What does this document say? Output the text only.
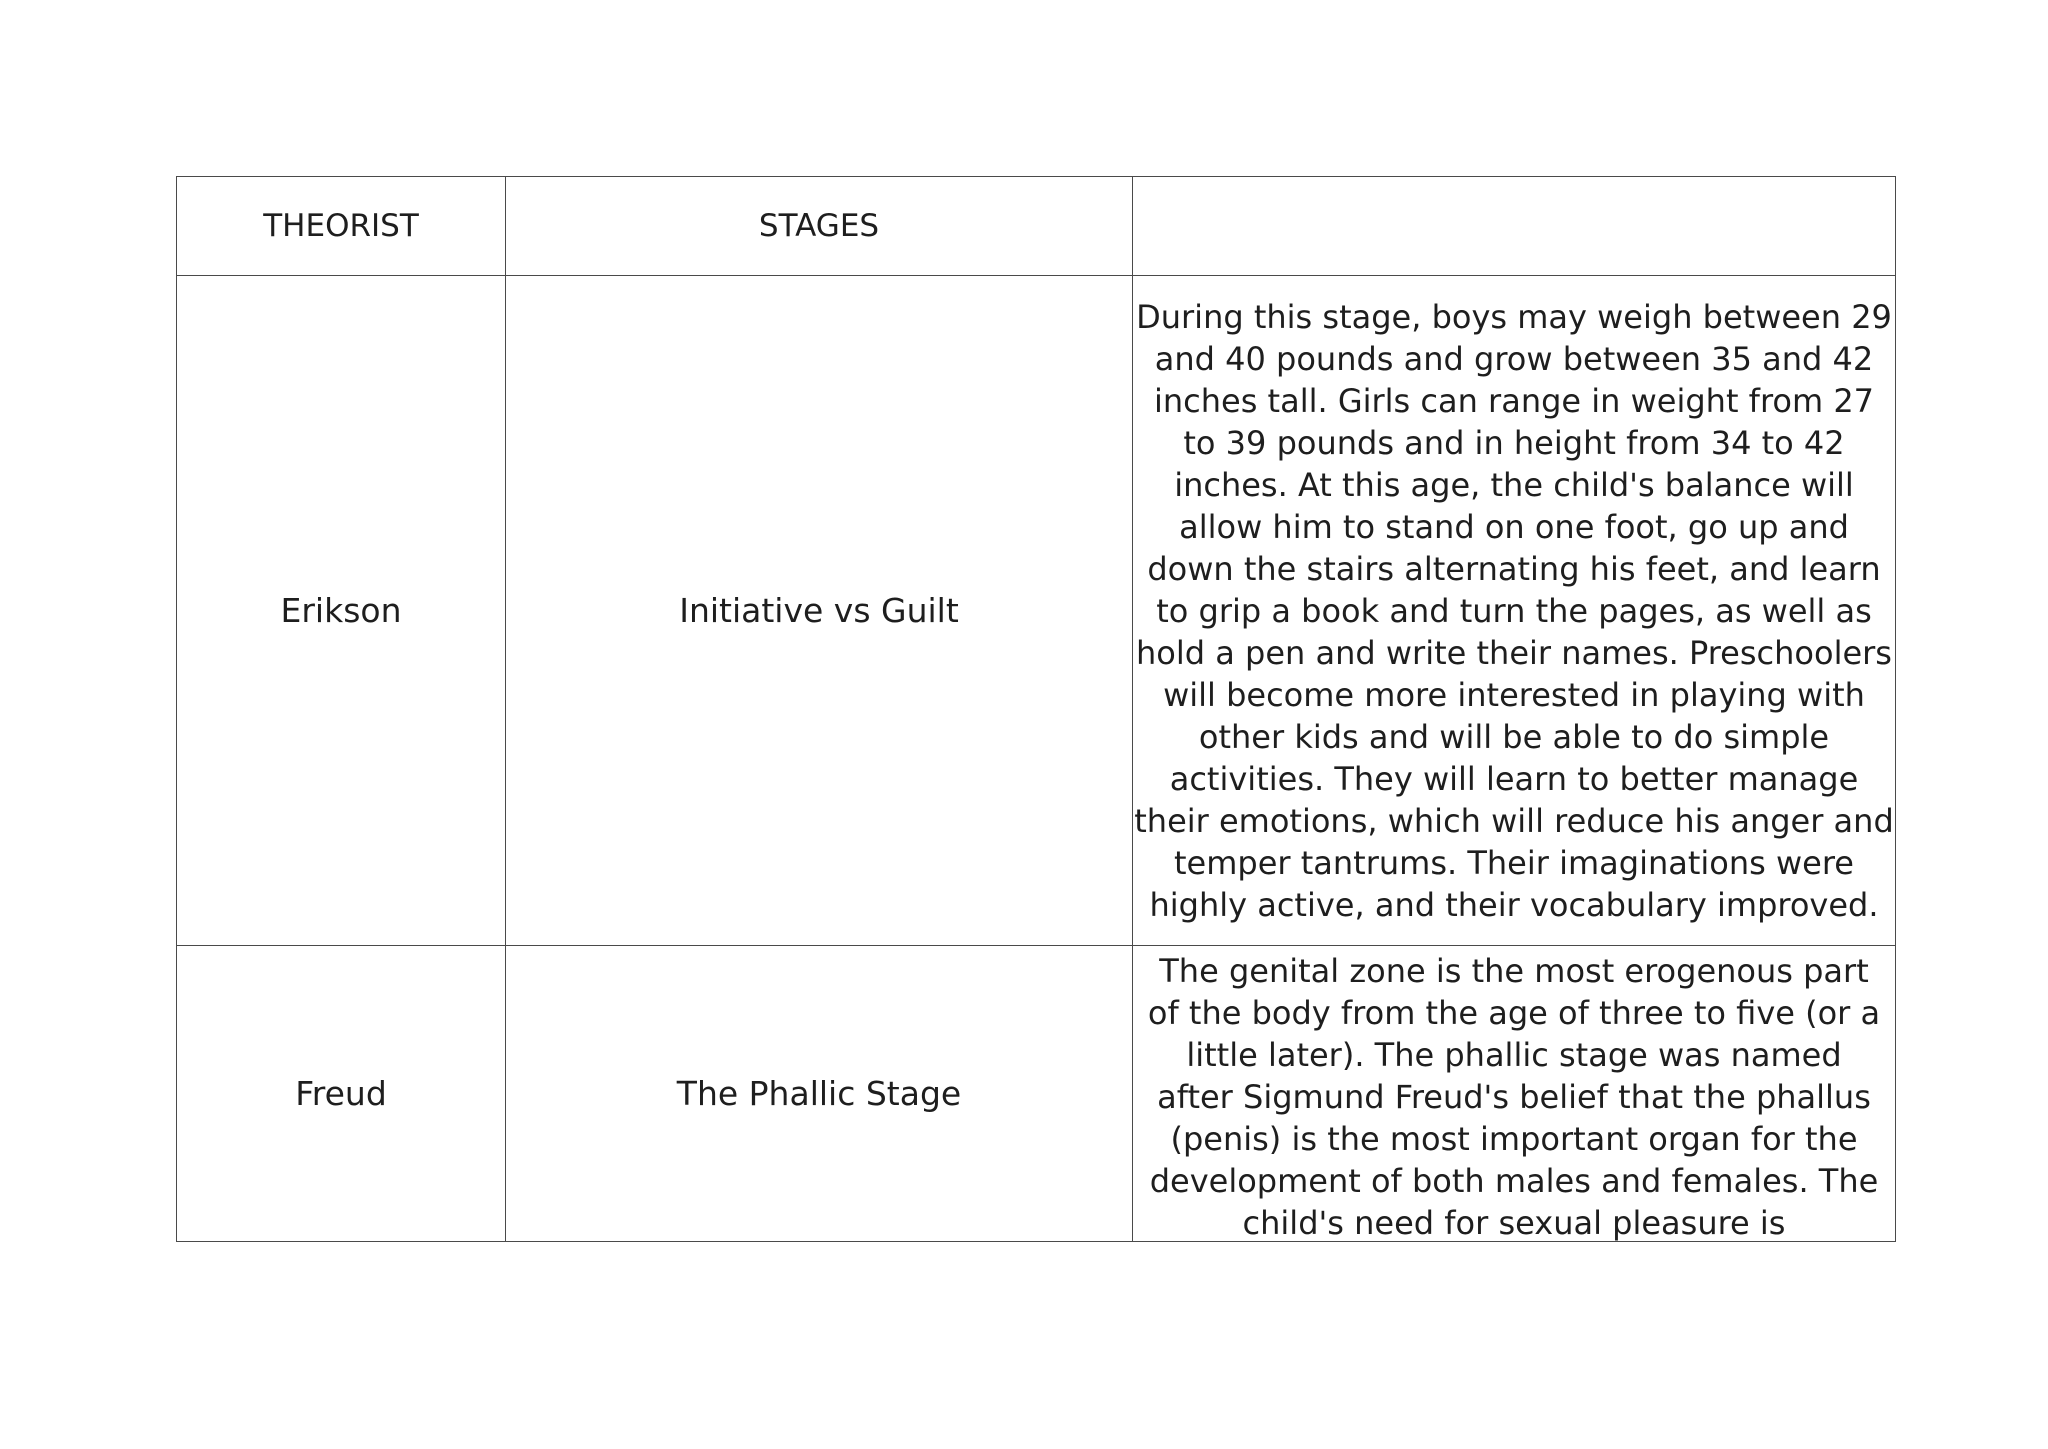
THEORIST	STAGES	
Erikson	Initiative vs Guilt	During this stage, boys may weigh between 29 and 40 pounds and grow between 35 and 42 inches tall. Girls can range in weight from 27 to 39 pounds and in height from 34 to 42 inches. At this age, the child's balance will allow him to stand on one foot, go up and down the stairs alternating his feet, and learn to grip a book and turn the pages, as well as hold a pen and write their names. Preschoolers will become more interested in playing with other kids and will be able to do simple activities. They will learn to better manage their emotions, which will reduce his anger and temper tantrums. Their imaginations were highly active, and their vocabulary improved.
Freud	The Phallic Stage	The genital zone is the most erogenous part of the body from the age of three to five (or a little later). The phallic stage was named after Sigmund Freud's belief that the phallus (penis) is the most important organ for the development of both males and females. The child's need for sexual pleasure is
